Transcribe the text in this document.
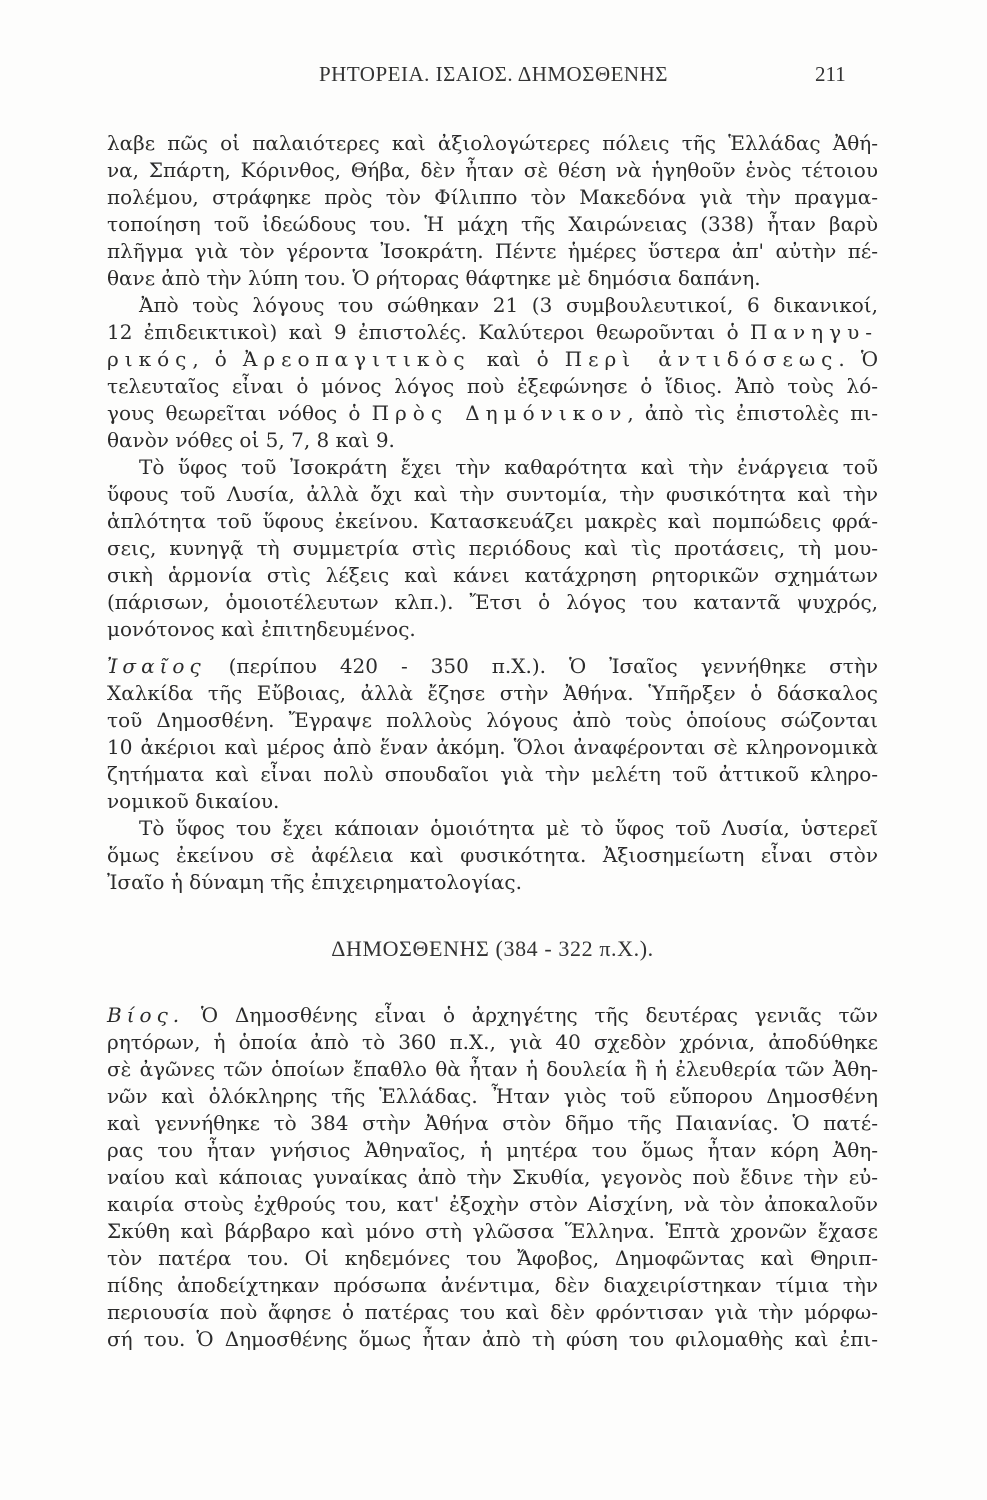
ΡΗΤΟΡΕΙΑ. ΙΣΑΙΟΣ. ΔΗΜΟΣΘΕΝΗΣ	211
λαβε πῶς οἱ παλαιότερες καὶ ἀξιολογώτερες πόλεις τῆς Ἑλλάδας Ἀθή-
να, Σπάρτη, Κόρινθος, Θήβα, δὲν ἦταν σὲ θέση νὰ ἡγηθοῦν ἑνὸς τέτοιου
πολέμου, στράφηκε πρὸς τὸν Φίλιππο τὸν Μακεδόνα γιὰ τὴν πραγμα-
τοποίηση τοῦ ἰδεώδους του. Ἡ μάχη τῆς Χαιρώνειας (338) ἦταν βαρὺ
πλῆγμα γιὰ τὸν γέροντα Ἰσοκράτη. Πέντε ἡμέρες ὕστερα ἀπ' αὐτὴν πέ-
θανε ἀπὸ τὴν λύπη του. Ὁ ρήτορας θάφτηκε μὲ δημόσια δαπάνη.
Ἀπὸ τοὺς λόγους του σώθηκαν 21 (3 συμβουλευτικοί, 6 δικανικοί,
12 ἐπιδεικτικοὶ) καὶ 9 ἐπιστολές. Καλύτεροι θεωροῦνται ὁ Πανηγυ-
ρικός, ὁ Ἀρεοπαγιτικὸς καὶ ὁ Περὶ ἀντιδόσεως. Ὁ
τελευταῖος εἶναι ὁ μόνος λόγος ποὺ ἐξεφώνησε ὁ ἴδιος. Ἀπὸ τοὺς λό-
γους θεωρεῖται νόθος ὁ Πρὸς Δημόνικον, ἀπὸ τὶς ἐπιστολὲς πι-
θανὸν νόθες οἱ 5, 7, 8 καὶ 9.
Τὸ ὕφος τοῦ Ἰσοκράτη ἔχει τὴν καθαρότητα καὶ τὴν ἐνάργεια τοῦ
ὕφους τοῦ Λυσία, ἀλλὰ ὄχι καὶ τὴν συντομία, τὴν φυσικότητα καὶ τὴν
ἁπλότητα τοῦ ὕφους ἐκείνου. Κατασκευάζει μακρὲς καὶ πομπώδεις φρά-
σεις, κυνηγᾷ τὴ συμμετρία στὶς περιόδους καὶ τὶς προτάσεις, τὴ μου-
σικὴ ἁρμονία στὶς λέξεις καὶ κάνει κατάχρηση ρητορικῶν σχημάτων
(πάρισων, ὁμοιοτέλευτων κλπ.). Ἔτσι ὁ λόγος του καταντᾶ ψυχρός,
μονότονος καὶ ἐπιτηδευμένος.
Ἰσαῖος (περίπου 420 - 350 π.Χ.). Ὁ Ἰσαῖος γεννήθηκε στὴν
Χαλκίδα τῆς Εὔβοιας, ἀλλὰ ἔζησε στὴν Ἀθήνα. Ὑπῆρξεν ὁ δάσκαλος
τοῦ Δημοσθένη. Ἔγραψε πολλοὺς λόγους ἀπὸ τοὺς ὁποίους σώζονται
10 ἀκέριοι καὶ μέρος ἀπὸ ἕναν ἀκόμη. Ὅλοι ἀναφέρονται σὲ κληρονομικὰ
ζητήματα καὶ εἶναι πολὺ σπουδαῖοι γιὰ τὴν μελέτη τοῦ ἀττικοῦ κληρο-
νομικοῦ δικαίου.
Τὸ ὕφος του ἔχει κάποιαν ὁμοιότητα μὲ τὸ ὕφος τοῦ Λυσία, ὑστερεῖ
ὅμως ἐκείνου σὲ ἀφέλεια καὶ φυσικότητα. Ἀξιοσημείωτη εἶναι στὸν
Ἰσαῖο ἡ δύναμη τῆς ἐπιχειρηματολογίας.
ΔΗΜΟΣΘΕΝΗΣ (384 - 322 π.Χ.).
Βίος. Ὁ Δημοσθένης εἶναι ὁ ἀρχηγέτης τῆς δευτέρας γενιᾶς τῶν
ρητόρων, ἡ ὁποία ἀπὸ τὸ 360 π.Χ., γιὰ 40 σχεδὸν χρόνια, ἀποδύθηκε
σὲ ἀγῶνες τῶν ὁποίων ἔπαθλο θὰ ἦταν ἡ δουλεία ἢ ἡ ἐλευθερία τῶν Ἀθη-
νῶν καὶ ὁλόκληρης τῆς Ἑλλάδας. Ἦταν γιὸς τοῦ εὔπορου Δημοσθένη
καὶ γεννήθηκε τὸ 384 στὴν Ἀθήνα στὸν δῆμο τῆς Παιανίας. Ὁ πατέ-
ρας του ἦταν γνήσιος Ἀθηναῖος, ἡ μητέρα του ὅμως ἦταν κόρη Ἀθη-
ναίου καὶ κάποιας γυναίκας ἀπὸ τὴν Σκυθία, γεγονὸς ποὺ ἔδινε τὴν εὐ-
καιρία στοὺς ἐχθρούς του, κατ' ἐξοχὴν στὸν Αἰσχίνη, νὰ τὸν ἀποκαλοῦν
Σκύθη καὶ βάρβαρο καὶ μόνο στὴ γλῶσσα Ἕλληνα. Ἑπτὰ χρονῶν ἔχασε
τὸν πατέρα του. Οἱ κηδεμόνες του Ἄφοβος, Δημοφῶντας καὶ Θηριπ-
πίδης ἀποδείχτηκαν πρόσωπα ἀνέντιμα, δὲν διαχειρίστηκαν τίμια τὴν
περιουσία ποὺ ἄφησε ὁ πατέρας του καὶ δὲν φρόντισαν γιὰ τὴν μόρφω-
σή του. Ὁ Δημοσθένης ὅμως ἦταν ἀπὸ τὴ φύση του φιλομαθὴς καὶ ἐπι-
